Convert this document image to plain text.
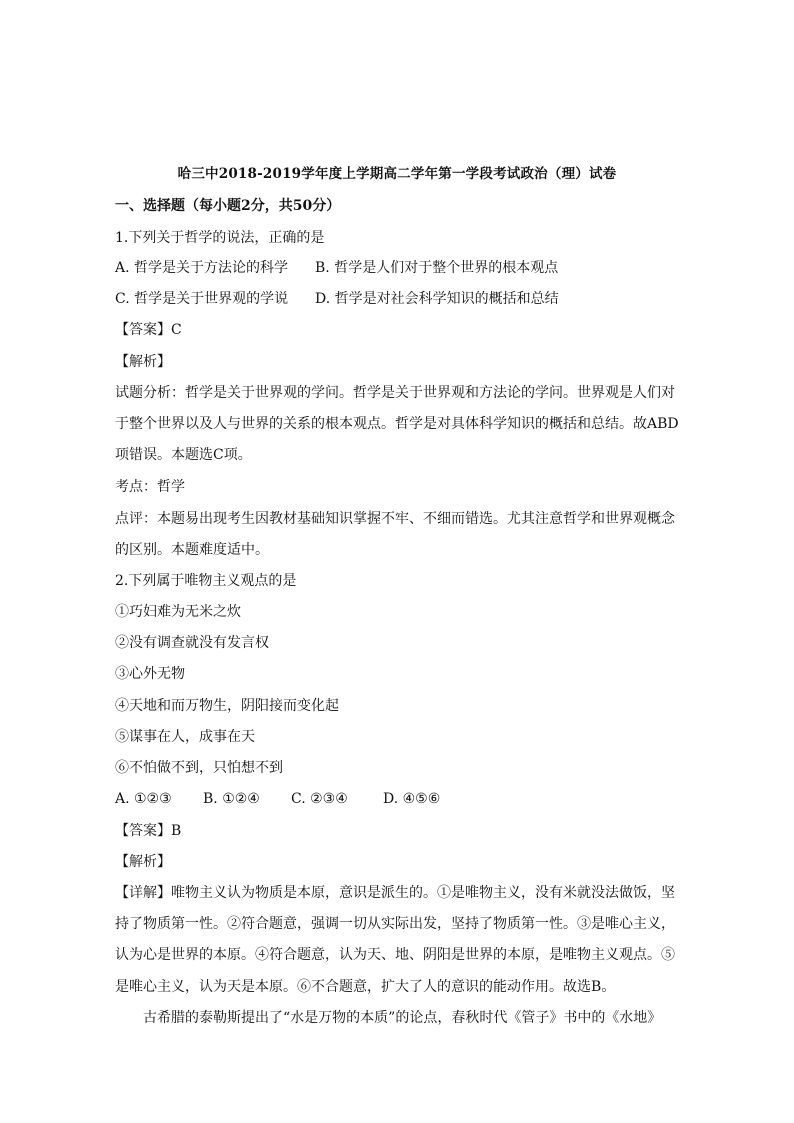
哈三中2018-2019学年度上学期高二学年第一学段考试政治（理）试卷
一、选择题（每小题2分，共50分）
1.下列关于哲学的说法，正确的是
A. 哲学是关于方法论的科学 B. 哲学是人们对于整个世界的根本观点
C. 哲学是关于世界观的学说 D. 哲学是对社会科学知识的概括和总结
【答案】C
【解析】
试题分析：哲学是关于世界观的学问。哲学是关于世界观和方法论的学问。世界观是人们对
于整个世界以及人与世界的关系的根本观点。哲学是对具体科学知识的概括和总结。故ABD
项错误。本题选C项。
考点：哲学
点评：本题易出现考生因教材基础知识掌握不牢、不细而错选。尤其注意哲学和世界观概念
的区别。本题难度适中。
2.下列属于唯物主义观点的是
①巧妇难为无米之炊
②没有调查就没有发言权
③心外无物
④天地和而万物生，阴阳接而变化起
⑤谋事在人，成事在天
⑥不怕做不到，只怕想不到
A. ①②③ B. ①②④ C. ②③④	D. ④⑤⑥
【答案】B
【解析】
【详解】唯物主义认为物质是本原，意识是派生的。①是唯物主义，没有米就没法做饭，坚
持了物质第一性。②符合题意，强调一切从实际出发，坚持了物质第一性。③是唯心主义，
认为心是世界的本原。④符合题意，认为天、地、阴阳是世界的本原，是唯物主义观点。⑤
是唯心主义，认为天是本原。⑥不合题意，扩大了人的意识的能动作用。故选B。
古希腊的泰勒斯提出了“水是万物的本质”的论点，春秋时代《管子》书中的《水地》
